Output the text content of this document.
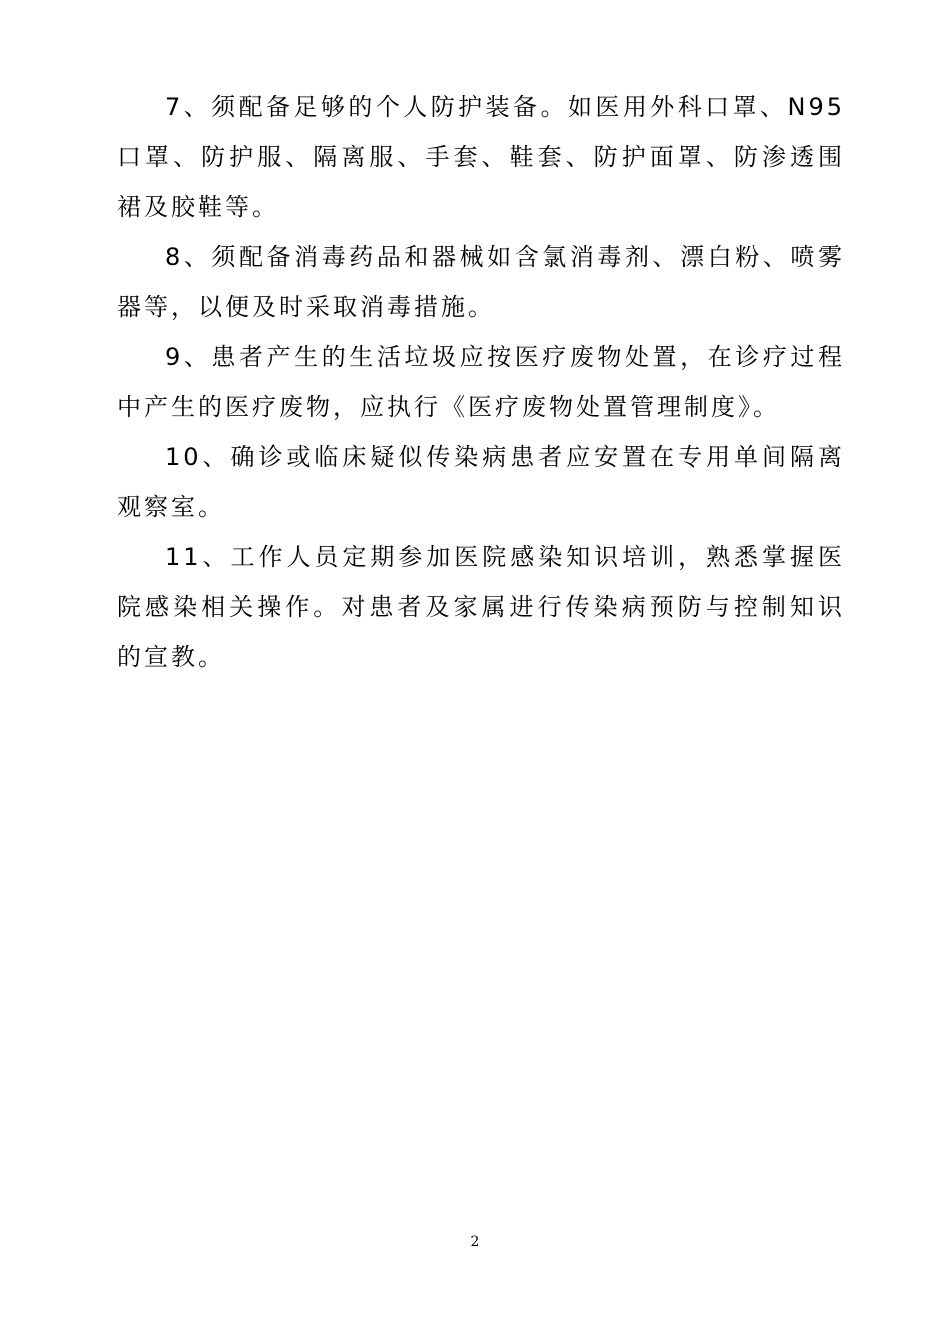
7、须配备足够的个人防护装备。如医用外科口罩、N95 口罩、防护服、隔离服、手套、鞋套、防护面罩、防渗透围裙及胶鞋等。

8、须配备消毒药品和器械如含氯消毒剂、漂白粉、喷雾器等，以便及时采取消毒措施。

9、患者产生的生活垃圾应按医疗废物处置，在诊疗过程中产生的医疗废物，应执行《医疗废物处置管理制度》。

10、确诊或临床疑似传染病患者应安置在专用单间隔离观察室。

11、工作人员定期参加医院感染知识培训，熟悉掌握医院感染相关操作。对患者及家属进行传染病预防与控制知识的宣教。

2
